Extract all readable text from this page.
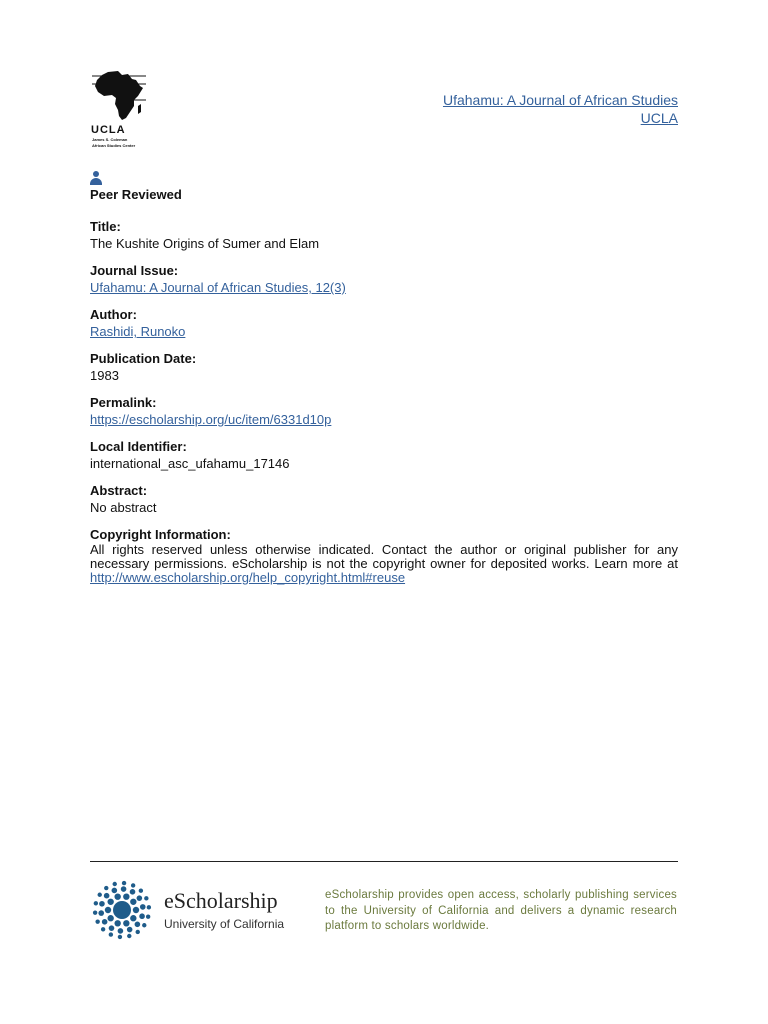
UCLA
James S. Coleman
African Studies Center
Ufahamu: A Journal of African Studies
UCLA
Peer Reviewed
Title:
The Kushite Origins of Sumer and Elam
Journal Issue:
Ufahamu: A Journal of African Studies, 12(3)
Author:
Rashidi, Runoko
Publication Date:
1983
Permalink:
https://escholarship.org/uc/item/6331d10p
Local Identifier:
international_asc_ufahamu_17146
Abstract:
No abstract
Copyright Information:
All rights reserved unless otherwise indicated. Contact the author or original publisher for any necessary permissions. eScholarship is not the copyright owner for deposited works. Learn more at http://www.escholarship.org/help_copyright.html#reuse
eScholarship
University of California
eScholarship provides open access, scholarly publishing services to the University of California and delivers a dynamic research platform to scholars worldwide.
